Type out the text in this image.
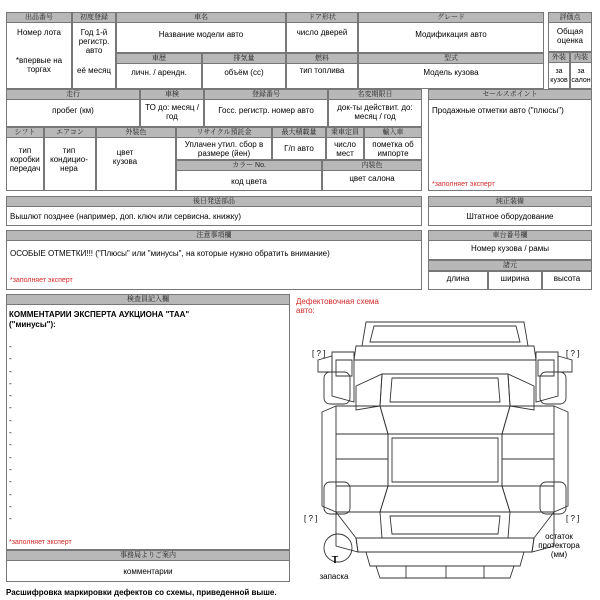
出品番号
Номер лота
*впервые на торгах
初度登録
Год 1-й регистр. авто
её месяц
車名
Название модели авто
車歴
личн. / арендн.
排気量
объём (сс)
ドア形状
число дверей
燃料
тип топлива
グレード
Модификация авто
型式
Модель кузова
評価点
Общая оценка
外装
за кузов
内装
за салон
走行
пробег (км)
車検
ТО до: месяц / год
登録番号
Госс. регистр. номер авто
名変期限日
док-ты действит. до: месяц / год
セールスポイント
Продажные отметки авто ("плюсы")
*заполняет эксперт
シフト
тип коробки передач
エアコン
тип кондицио-нера
外装色
цвет кузова
リサイクル預託金
Уплачен утил. сбор в размере (йен)
最大積載量
Г/п авто
乗車定員
число мест
輸入車
пометка об импорте
カラー No.
код цвета
内装色
цвет салона
後日発送部品
Вышлют позднее (например, доп. ключ или сервисна. книжку)
純正装備
Штатное оборудование
注意事項欄
ОСОБЫЕ ОТМЕТКИ!!! ("Плюсы" или "минусы", на которые нужно обратить внимание)
*заполняет эксперт
車台番号欄
Номер кузова / рамы
諸元
длина	ширина	высота
検査員記入欄
КОММЕНТАРИИ ЭКСПЕРТА АУКЦИОНА "ТАА"
("минусы"):
-
-
-
-
-
-
-
-
-
-
-
-
-
-
-
*заполняет эксперт
事務局よりご案内
комментарии
Дефектовочная схема
авто:
[ ? ]	[ ? ]
[ ? ]	[ ? ]
T
запаска
остаток протектора (мм)
Расшифровка маркировки дефектов со схемы, приведенной выше.
